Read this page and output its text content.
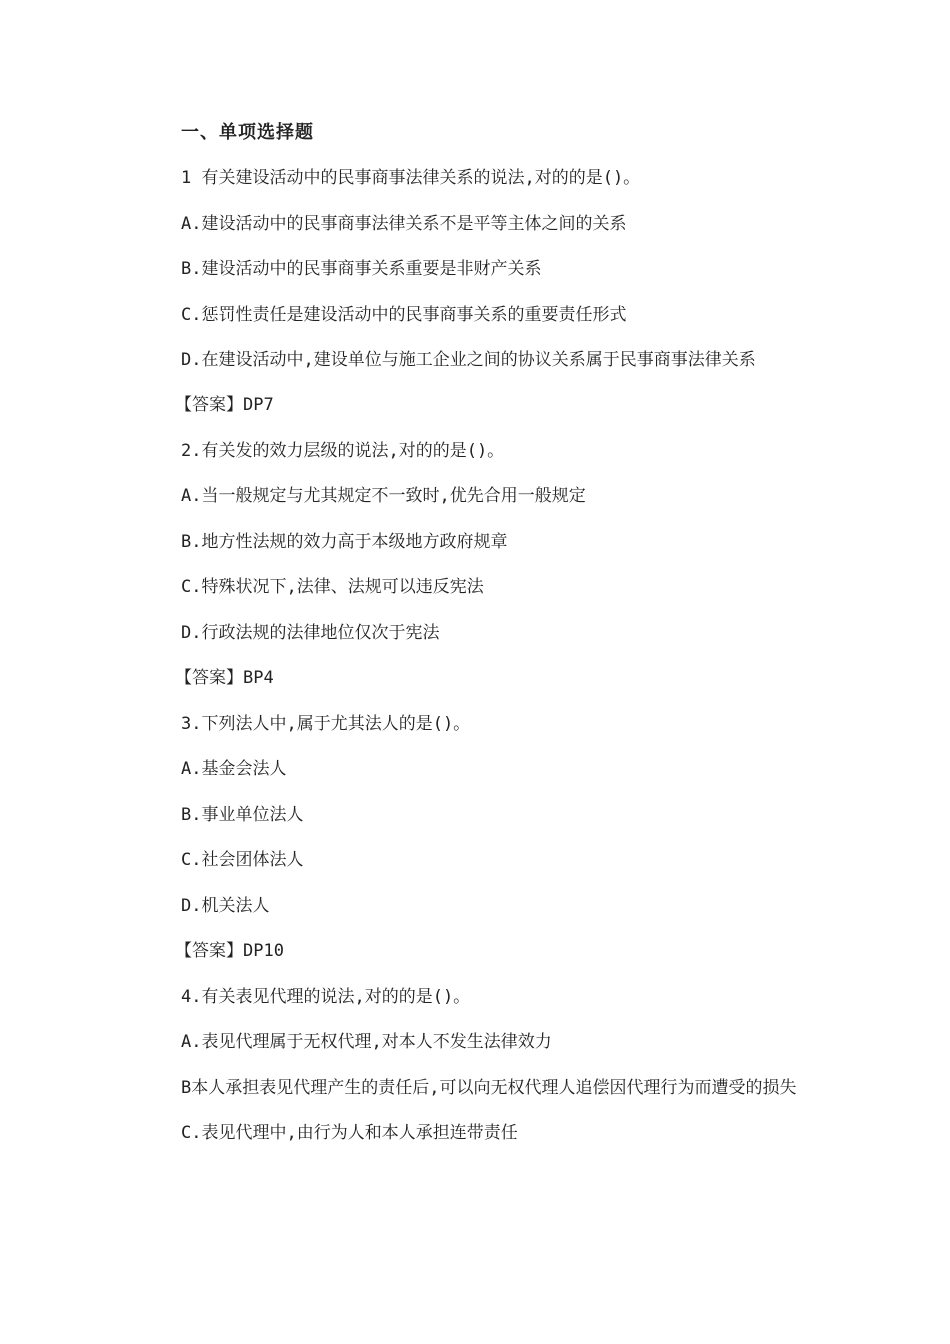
一、单项选择题

1 有关建设活动中的民事商事法律关系的说法,对的的是()。

A.建设活动中的民事商事法律关系不是平等主体之间的关系

B.建设活动中的民事商事关系重要是非财产关系

C.惩罚性责任是建设活动中的民事商事关系的重要责任形式

D.在建设活动中,建设单位与施工企业之间的协议关系属于民事商事法律关系

【答案】DP7

2.有关发的效力层级的说法,对的的是()。

A.当一般规定与尤其规定不一致时,优先合用一般规定

B.地方性法规的效力高于本级地方政府规章

C.特殊状况下,法律、法规可以违反宪法

D.行政法规的法律地位仅次于宪法

【答案】BP4

3.下列法人中,属于尤其法人的是()。

A.基金会法人

B.事业单位法人

C.社会团体法人

D.机关法人

【答案】DP10

4.有关表见代理的说法,对的的是()。

A.表见代理属于无权代理,对本人不发生法律效力

B本人承担表见代理产生的责任后,可以向无权代理人追偿因代理行为而遭受的损失

C.表见代理中,由行为人和本人承担连带责任
